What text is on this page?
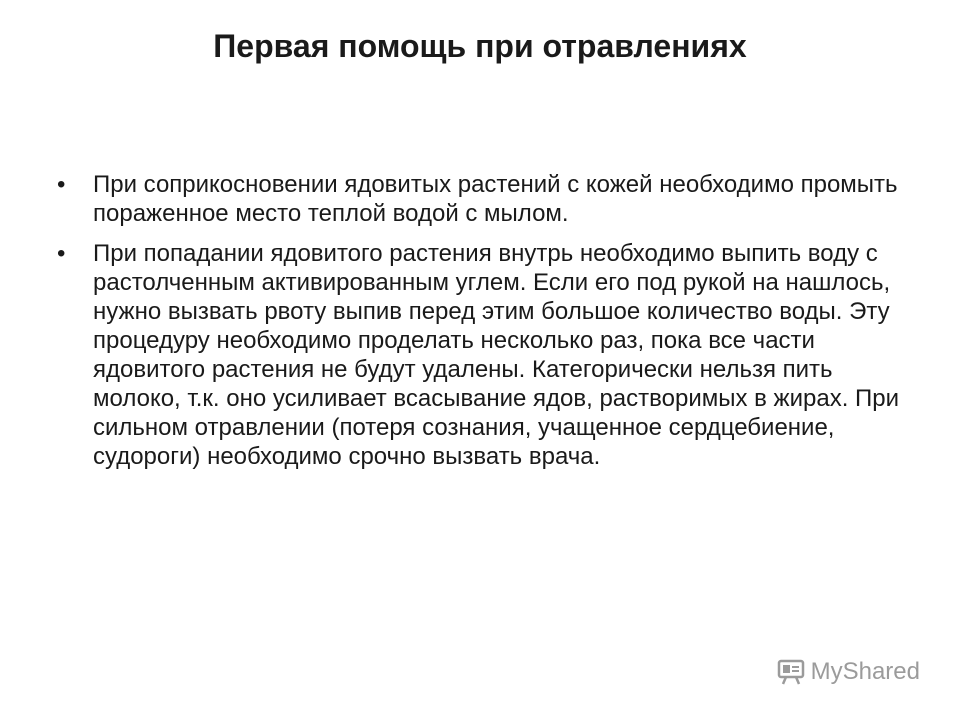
Первая помощь при отравлениях
• При соприкосновении ядовитых растений с кожей необходимо промыть пораженное место теплой водой с мылом.
• При попадании ядовитого растения внутрь необходимо выпить воду с растолченным активированным углем. Если его под рукой на нашлось, нужно вызвать рвоту выпив перед этим большое количество воды. Эту процедуру необходимо проделать несколько раз, пока все части ядовитого растения не будут удалены. Категорически нельзя пить молоко, т.к. оно усиливает всасывание ядов, растворимых в жирах. При сильном отравлении (потеря сознания, учащенное сердцебиение, судороги) необходимо срочно вызвать врача.
MyShared
